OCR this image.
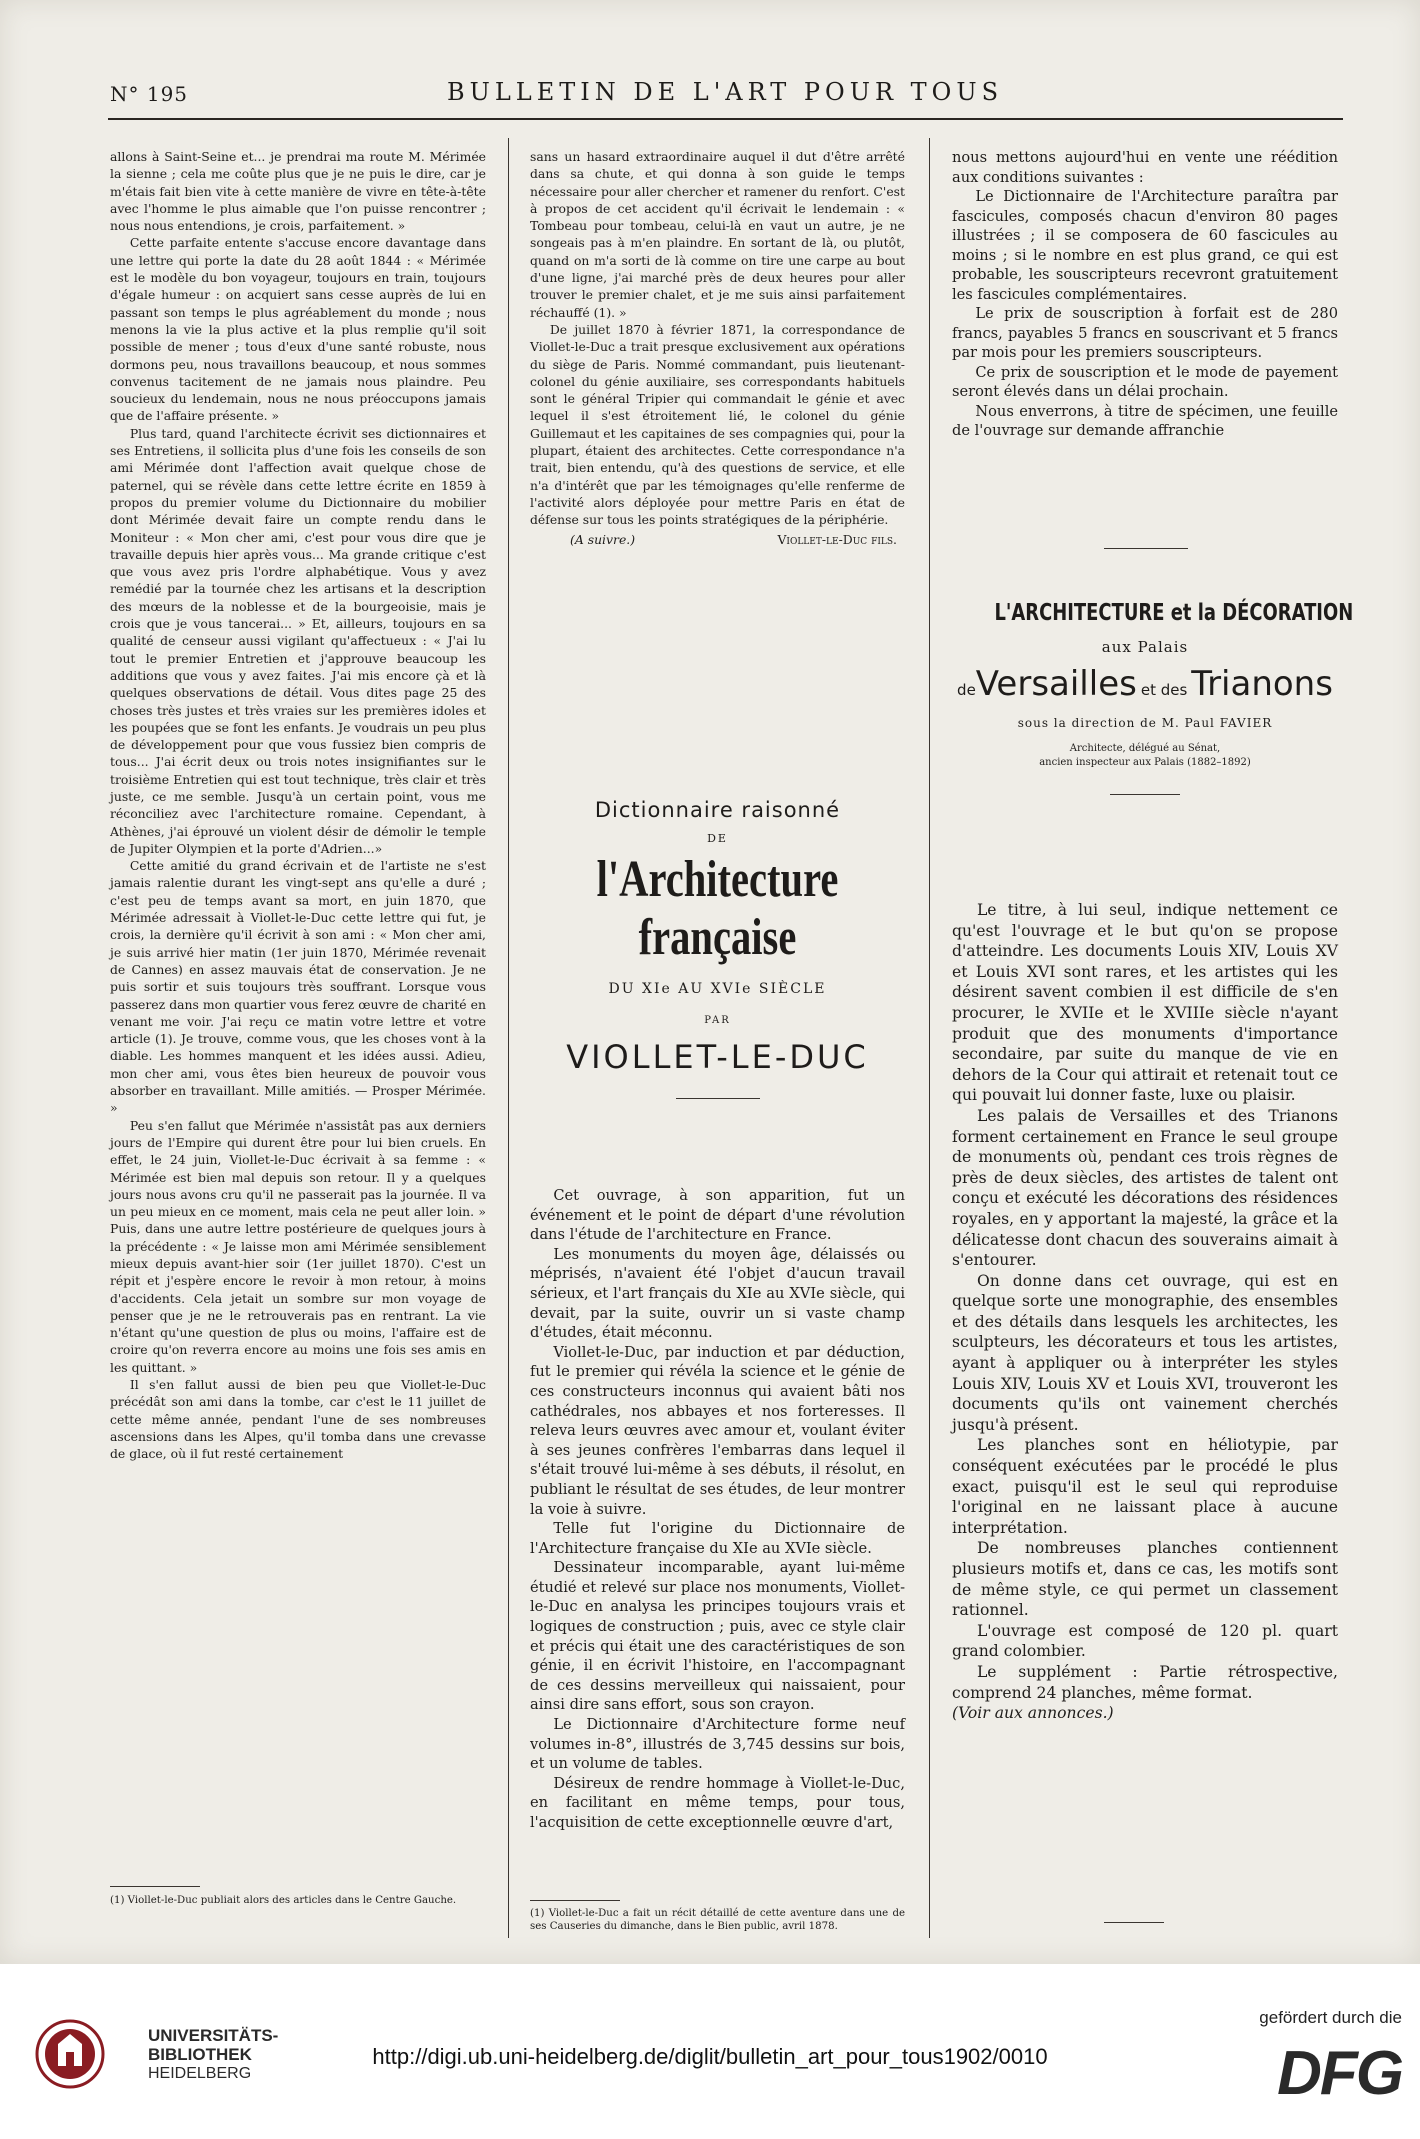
N° 195	BULLETIN DE L'ART POUR TOUS

allons à Saint-Seine et... je prendrai ma route M. Mérimée la sienne ; cela me coûte plus que je ne puis le dire, car je m'étais fait bien vite à cette manière de vivre en tête-à-tête avec l'homme le plus aimable que l'on puisse rencontrer ; nous nous entendions, je crois, parfaitement. »

Cette parfaite entente s'accuse encore davantage dans une lettre qui porte la date du 28 août 1844 : « Mérimée est le modèle du bon voyageur, toujours en train, toujours d'égale humeur : on acquiert sans cesse auprès de lui en passant son temps le plus agréablement du monde ; nous menons la vie la plus active et la plus remplie qu'il soit possible de mener ; tous d'eux d'une santé robuste, nous dormons peu, nous travaillons beaucoup, et nous sommes convenus tacitement de ne jamais nous plaindre. Peu soucieux du lendemain, nous ne nous préoccupons jamais que de l'affaire présente. »

Plus tard, quand l'architecte écrivit ses dictionnaires et ses Entretiens, il sollicita plus d'une fois les conseils de son ami Mérimée dont l'affection avait quelque chose de paternel, qui se révèle dans cette lettre écrite en 1859 à propos du premier volume du Dictionnaire du mobilier dont Mérimée devait faire un compte rendu dans le Moniteur : « Mon cher ami, c'est pour vous dire que je travaille depuis hier après vous... Ma grande critique c'est que vous avez pris l'ordre alphabétique. Vous y avez remédié par la tournée chez les artisans et la description des mœurs de la noblesse et de la bourgeoisie, mais je crois que je vous tancerai... » Et, ailleurs, toujours en sa qualité de censeur aussi vigilant qu'affectueux : « J'ai lu tout le premier Entretien et j'approuve beaucoup les additions que vous y avez faites. J'ai mis encore çà et là quelques observations de détail. Vous dites page 25 des choses très justes et très vraies sur les premières idoles et les poupées que se font les enfants. Je voudrais un peu plus de développement pour que vous fussiez bien compris de tous... J'ai écrit deux ou trois notes insignifiantes sur le troisième Entretien qui est tout technique, très clair et très juste, ce me semble. Jusqu'à un certain point, vous me réconciliez avec l'architecture romaine. Cependant, à Athènes, j'ai éprouvé un violent désir de démolir le temple de Jupiter Olympien et la porte d'Adrien...»

Cette amitié du grand écrivain et de l'artiste ne s'est jamais ralentie durant les vingt-sept ans qu'elle a duré ; c'est peu de temps avant sa mort, en juin 1870, que Mérimée adressait à Viollet-le-Duc cette lettre qui fut, je crois, la dernière qu'il écrivit à son ami : « Mon cher ami, je suis arrivé hier matin (1er juin 1870, Mérimée revenait de Cannes) en assez mauvais état de conservation. Je ne puis sortir et suis toujours très souffrant. Lorsque vous passerez dans mon quartier vous ferez œuvre de charité en venant me voir. J'ai reçu ce matin votre lettre et votre article (1). Je trouve, comme vous, que les choses vont à la diable. Les hommes manquent et les idées aussi. Adieu, mon cher ami, vous êtes bien heureux de pouvoir vous absorber en travaillant. Mille amitiés. — Prosper Mérimée. »

Peu s'en fallut que Mérimée n'assistât pas aux derniers jours de l'Empire qui durent être pour lui bien cruels. En effet, le 24 juin, Viollet-le-Duc écrivait à sa femme : « Mérimée est bien mal depuis son retour. Il y a quelques jours nous avons cru qu'il ne passerait pas la journée. Il va un peu mieux en ce moment, mais cela ne peut aller loin. » Puis, dans une autre lettre postérieure de quelques jours à la précédente : « Je laisse mon ami Mérimée sensiblement mieux depuis avant-hier soir (1er juillet 1870). C'est un répit et j'espère encore le revoir à mon retour, à moins d'accidents. Cela jetait un sombre sur mon voyage de penser que je ne le retrouverais pas en rentrant. La vie n'étant qu'une question de plus ou moins, l'affaire est de croire qu'on reverra encore au moins une fois ses amis en les quittant. »

Il s'en fallut aussi de bien peu que Viollet-le-Duc précédât son ami dans la tombe, car c'est le 11 juillet de cette même année, pendant l'une de ses nombreuses ascensions dans les Alpes, qu'il tomba dans une crevasse de glace, où il fut resté certainement

(1) Viollet-le-Duc publiait alors des articles dans le Centre Gauche.

sans un hasard extraordinaire auquel il dut d'être arrêté dans sa chute, et qui donna à son guide le temps nécessaire pour aller chercher et ramener du renfort. C'est à propos de cet accident qu'il écrivait le lendemain : « Tombeau pour tombeau, celui-là en vaut un autre, je ne songeais pas à m'en plaindre. En sortant de là, ou plutôt, quand on m'a sorti de là comme on tire une carpe au bout d'une ligne, j'ai marché près de deux heures pour aller trouver le premier chalet, et je me suis ainsi parfaitement réchauffé (1). »

De juillet 1870 à février 1871, la correspondance de Viollet-le-Duc a trait presque exclusivement aux opérations du siège de Paris. Nommé commandant, puis lieutenant-colonel du génie auxiliaire, ses correspondants habituels sont le général Tripier qui commandait le génie et avec lequel il s'est étroitement lié, le colonel du génie Guillemaut et les capitaines de ses compagnies qui, pour la plupart, étaient des architectes. Cette correspondance n'a trait, bien entendu, qu'à des questions de service, et elle n'a d'intérêt que par les témoignages qu'elle renferme de l'activité alors déployée pour mettre Paris en état de défense sur tous les points stratégiques de la périphérie.

(A suivre.)	Viollet-le-Duc fils.
Dictionnaire raisonné
DE
l'Architecture française
DU XIe AU XVIe SIÈCLE
PAR
VIOLLET-LE-DUC

Cet ouvrage, à son apparition, fut un événement et le point de départ d'une révolution dans l'étude de l'architecture en France.

Les monuments du moyen âge, délaissés ou méprisés, n'avaient été l'objet d'aucun travail sérieux, et l'art français du XIe au XVIe siècle, qui devait, par la suite, ouvrir un si vaste champ d'études, était méconnu.

Viollet-le-Duc, par induction et par déduction, fut le premier qui révéla la science et le génie de ces constructeurs inconnus qui avaient bâti nos cathédrales, nos abbayes et nos forteresses. Il releva leurs œuvres avec amour et, voulant éviter à ses jeunes confrères l'embarras dans lequel il s'était trouvé lui-même à ses débuts, il résolut, en publiant le résultat de ses études, de leur montrer la voie à suivre.

Telle fut l'origine du Dictionnaire de l'Architecture française du XIe au XVIe siècle.

Dessinateur incomparable, ayant lui-même étudié et relevé sur place nos monuments, Viollet-le-Duc en analysa les principes toujours vrais et logiques de construction ; puis, avec ce style clair et précis qui était une des caractéristiques de son génie, il en écrivit l'histoire, en l'accompagnant de ces dessins merveilleux qui naissaient, pour ainsi dire sans effort, sous son crayon.

Le Dictionnaire d'Architecture forme neuf volumes in-8°, illustrés de 3,745 dessins sur bois, et un volume de tables.

Désireux de rendre hommage à Viollet-le-Duc, en facilitant en même temps, pour tous, l'acquisition de cette exceptionnelle œuvre d'art,

(1) Viollet-le-Duc a fait un récit détaillé de cette aventure dans une de ses Causeries du dimanche, dans le Bien public, avril 1878.

nous mettons aujourd'hui en vente une réédition aux conditions suivantes :

Le Dictionnaire de l'Architecture paraîtra par fascicules, composés chacun d'environ 80 pages illustrées ; il se composera de 60 fascicules au moins ; si le nombre en est plus grand, ce qui est probable, les souscripteurs recevront gratuitement les fascicules complémentaires.

Le prix de souscription à forfait est de 280 francs, payables 5 francs en souscrivant et 5 francs par mois pour les premiers souscripteurs.

Ce prix de souscription et le mode de payement seront élevés dans un délai prochain.

Nous enverrons, à titre de spécimen, une feuille de l'ouvrage sur demande affranchie

L'ARCHITECTURE et la DÉCORATION
aux Palais
deVersailles et des Trianons
sous la direction de M. Paul FAVIER
Architecte, délégué au Sénat,
ancien inspecteur aux Palais (1882–1892)

Le titre, à lui seul, indique nettement ce qu'est l'ouvrage et le but qu'on se propose d'atteindre. Les documents Louis XIV, Louis XV et Louis XVI sont rares, et les artistes qui les désirent savent combien il est difficile de s'en procurer, le XVIIe et le XVIIIe siècle n'ayant produit que des monuments d'importance secondaire, par suite du manque de vie en dehors de la Cour qui attirait et retenait tout ce qui pouvait lui donner faste, luxe ou plaisir.

Les palais de Versailles et des Trianons forment certainement en France le seul groupe de monuments où, pendant ces trois règnes de près de deux siècles, des artistes de talent ont conçu et exécuté les décorations des résidences royales, en y apportant la majesté, la grâce et la délicatesse dont chacun des souverains aimait à s'entourer.

On donne dans cet ouvrage, qui est en quelque sorte une monographie, des ensembles et des détails dans lesquels les architectes, les sculpteurs, les décorateurs et tous les artistes, ayant à appliquer ou à interpréter les styles Louis XIV, Louis XV et Louis XVI, trouveront les documents qu'ils ont vainement cherchés jusqu'à présent.

Les planches sont en héliotypie, par conséquent exécutées par le procédé le plus exact, puisqu'il est le seul qui reproduise l'original en ne laissant place à aucune interprétation.

De nombreuses planches contiennent plusieurs motifs et, dans ce cas, les motifs sont de même style, ce qui permet un classement rationnel.

L'ouvrage est composé de 120 pl. quart grand colombier.

Le supplément : Partie rétrospective, comprend 24 planches, même format.

(Voir aux annonces.)

UNIVERSITÄTS-
BIBLIOTHEK
HEIDELBERG
http://digi.ub.uni-heidelberg.de/diglit/bulletin_art_pour_tous1902/0010
gefördert durch die
DFG
